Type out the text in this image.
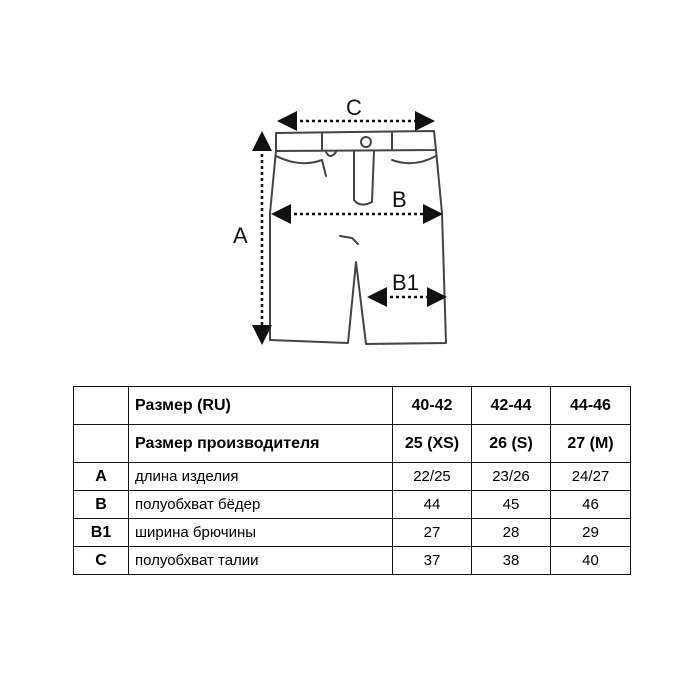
C
A
B
B1
	Размер (RU)	40-42	42-44	44-46
	Размер производителя	25 (XS)	26 (S)	27 (M)
A	длина изделия	22/25	23/26	24/27
B	полуобхват бёдер	44	45	46
B1	ширина брючины	27	28	29
C	полуобхват талии	37	38	40
